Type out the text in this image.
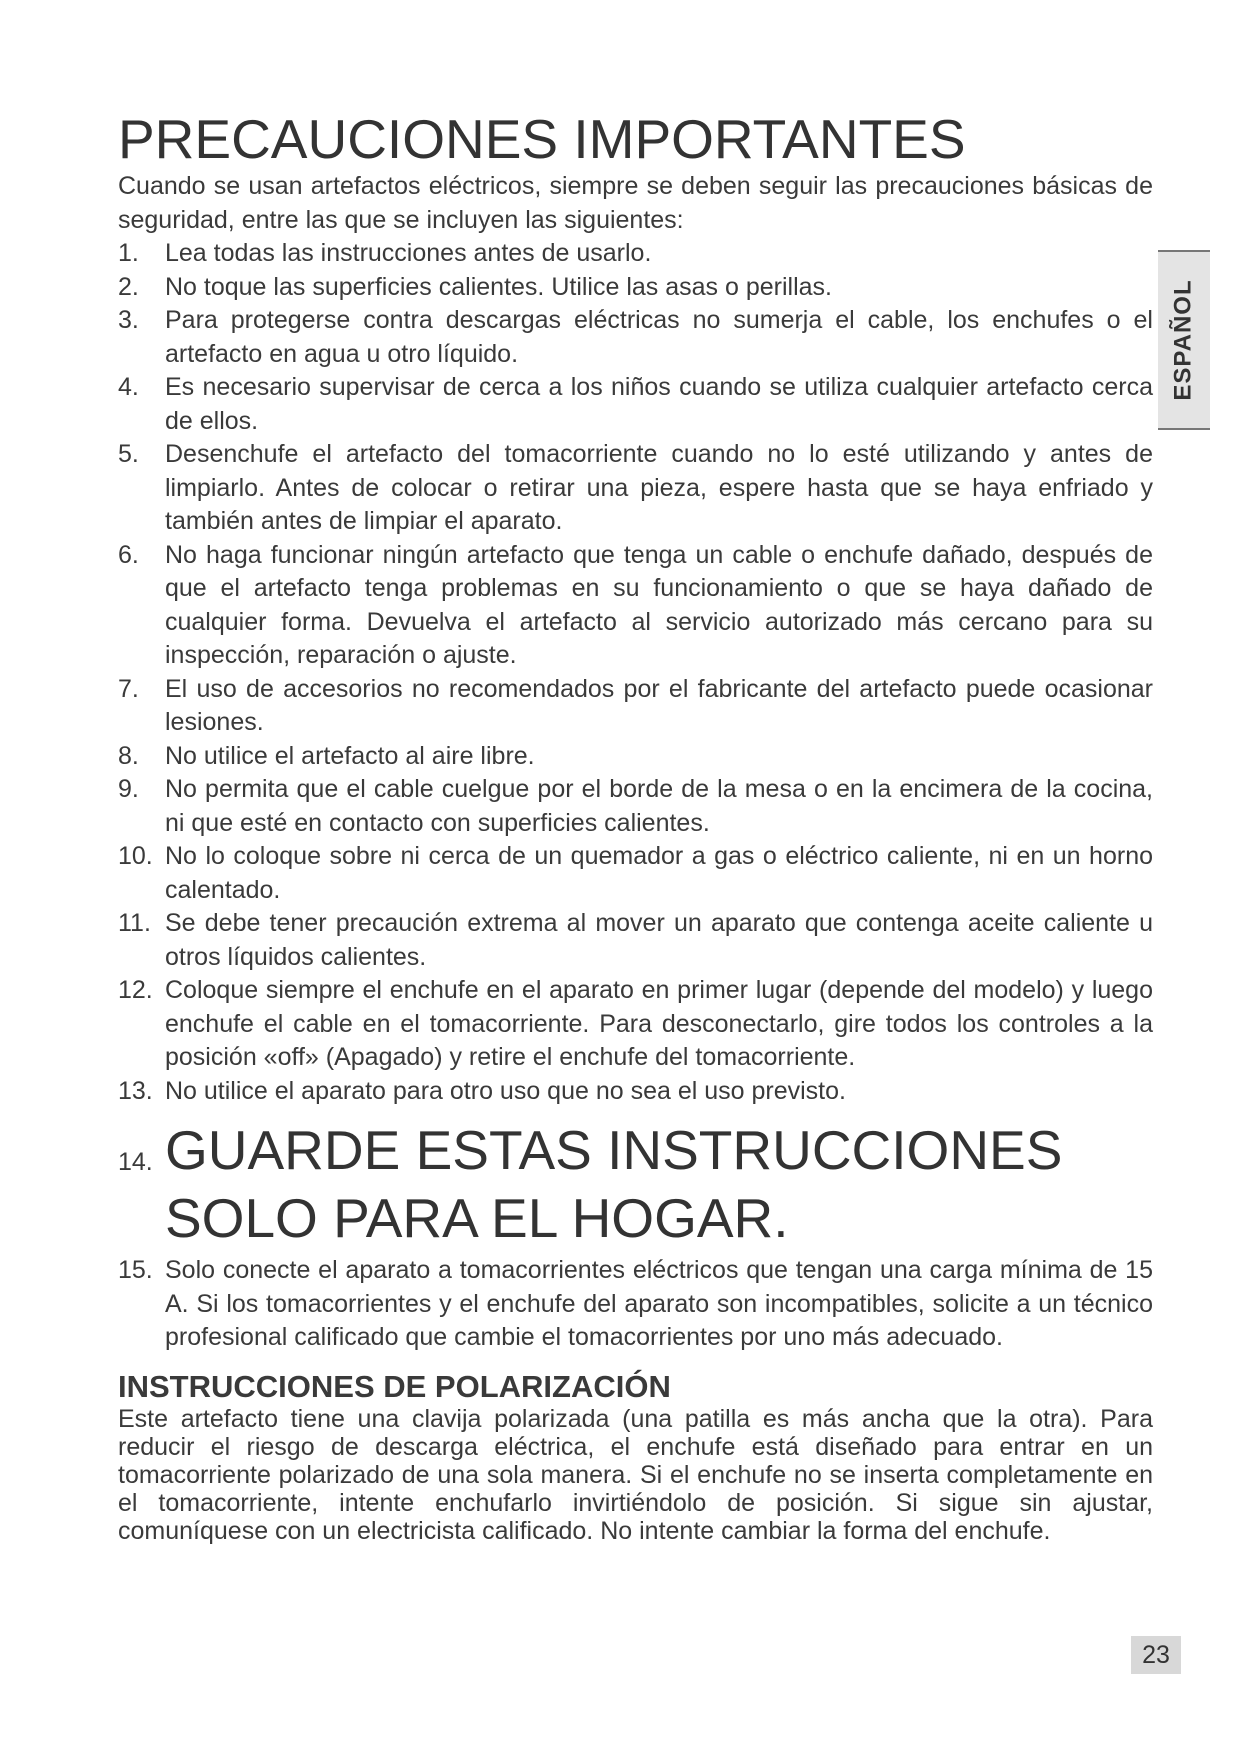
ESPAÑOL
PRECAUCIONES IMPORTANTES

Cuando se usan artefactos eléctricos, siempre se deben seguir las precauciones básicas de seguridad, entre las que se incluyen las siguientes:

1. Lea todas las instrucciones antes de usarlo.
2. No toque las superficies calientes. Utilice las asas o perillas.
3. Para protegerse contra descargas eléctricas no sumerja el cable, los enchufes o el artefacto en agua u otro líquido.
4. Es necesario supervisar de cerca a los niños cuando se utiliza cualquier artefacto cerca de ellos.
5. Desenchufe el artefacto del tomacorriente cuando no lo esté utilizando y antes de limpiarlo. Antes de colocar o retirar una pieza, espere hasta que se haya enfriado y también antes de limpiar el aparato.
6. No haga funcionar ningún artefacto que tenga un cable o enchufe dañado, después de que el artefacto tenga problemas en su funcionamiento o que se haya dañado de cualquier forma. Devuelva el artefacto al servicio autorizado más cercano para su inspección, reparación o ajuste.
7. El uso de accesorios no recomendados por el fabricante del artefacto puede ocasionar lesiones.
8. No utilice el artefacto al aire libre.
9. No permita que el cable cuelgue por el borde de la mesa o en la encimera de la cocina, ni que esté en contacto con superficies calientes.
10. No lo coloque sobre ni cerca de un quemador a gas o eléctrico caliente, ni en un horno calentado.
11. Se debe tener precaución extrema al mover un aparato que contenga aceite caliente u otros líquidos calientes.
12. Coloque siempre el enchufe en el aparato en primer lugar (depende del modelo) y luego enchufe el cable en el tomacorriente. Para desconectarlo, gire todos los controles a la posición «off» (Apagado) y retire el enchufe del tomacorriente.
13. No utilice el aparato para otro uso que no sea el uso previsto.
14. GUARDE ESTAS INSTRUCCIONES
SOLO PARA EL HOGAR.
15. Solo conecte el aparato a tomacorrientes eléctricos que tengan una carga mínima de 15 A. Si los tomacorrientes y el enchufe del aparato son incompatibles, solicite a un técnico profesional calificado que cambie el tomacorrientes por uno más adecuado.
INSTRUCCIONES DE POLARIZACIÓN

Este artefacto tiene una clavija polarizada (una patilla es más ancha que la otra). Para reducir el riesgo de descarga eléctrica, el enchufe está diseñado para entrar en un tomacorriente polarizado de una sola manera. Si el enchufe no se inserta completamente en el tomacorriente, intente enchufarlo invirtiéndolo de posición. Si sigue sin ajustar, comuníquese con un electricista calificado. No intente cambiar la forma del enchufe.

23
